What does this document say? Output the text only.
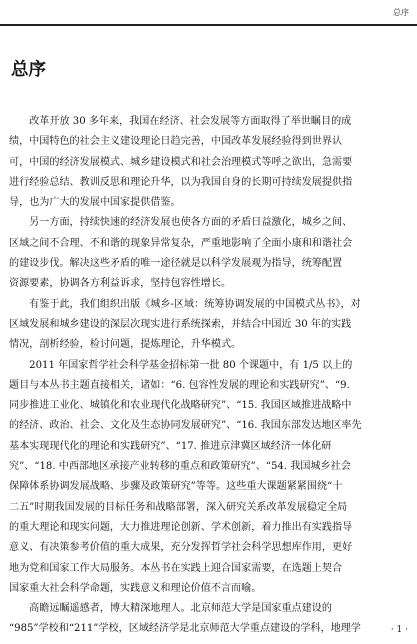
总序
总序

　　改革开放 30 多年来，我国在经济、社会发展等方面取得了举世瞩目的成
绩，中国特色的社会主义建设理论日趋完善，中国改革发展经验得到世界认
可，中国的经济发展模式、城乡建设模式和社会治理模式等呼之欲出，急需要
进行经验总结、教训反思和理论升华，以为我国自身的长期可持续发展提供指
导，也为广大的发展中国家提供借鉴。

　　另一方面，持续快速的经济发展也使各方面的矛盾日益激化，城乡之间、
区域之间不合理、不和谐的现象异常复杂，严重地影响了全面小康和和谐社会
的建设步伐。解决这些矛盾的唯一途径就是以科学发展观为指导，统筹配置
资源要素，协调各方利益诉求，坚持包容性增长。

　　有鉴于此，我们组织出版《城乡-区域：统筹协调发展的中国模式丛书》，对
区域发展和城乡建设的深层次现实进行系统探索，并结合中国近 30 年的实践
情况，剖析经验，检讨问题，提炼理论，升华模式。

　　2011 年国家哲学社会科学基金招标第一批 80 个课题中，有 1/5 以上的
题目与本丛书主题直接相关，诸如：“6. 包容性发展的理论和实践研究”、“9.
同步推进工业化、城镇化和农业现代化战略研究”、“15. 我国区域推进战略中
的经济、政治、社会、文化及生态协同发展研究”、“16. 我国东部发达地区率先
基本实现现代化的理论和实践研究”、“17. 推进京津冀区域经济一体化研
究”、“18. 中西部地区承接产业转移的重点和政策研究”、“54. 我国城乡社会
保障体系协调发展战略、步骤及政策研究”等等。这些重大课题紧紧围绕“十
二五”时期我国发展的目标任务和战略部署，深入研究关系改革发展稳定全局
的重大理论和现实问题，大力推进理论创新、学术创新，着力推出有实践指导
意义、有决策参考价值的重大成果，充分发挥哲学社会科学思想库作用，更好
地为党和国家工作大局服务。本丛书在实践上迎合国家需要，在选题上契合
国家重大社会科学命题，实践意义和理论价值不言而喻。

　　高瞻远瞩遥感者，博大精深地理人。北京师范大学是国家重点建设的
“985”学校和“211”学校，区域经济学是北京师范大学重点建设的学科，地理学	· 1 ·
